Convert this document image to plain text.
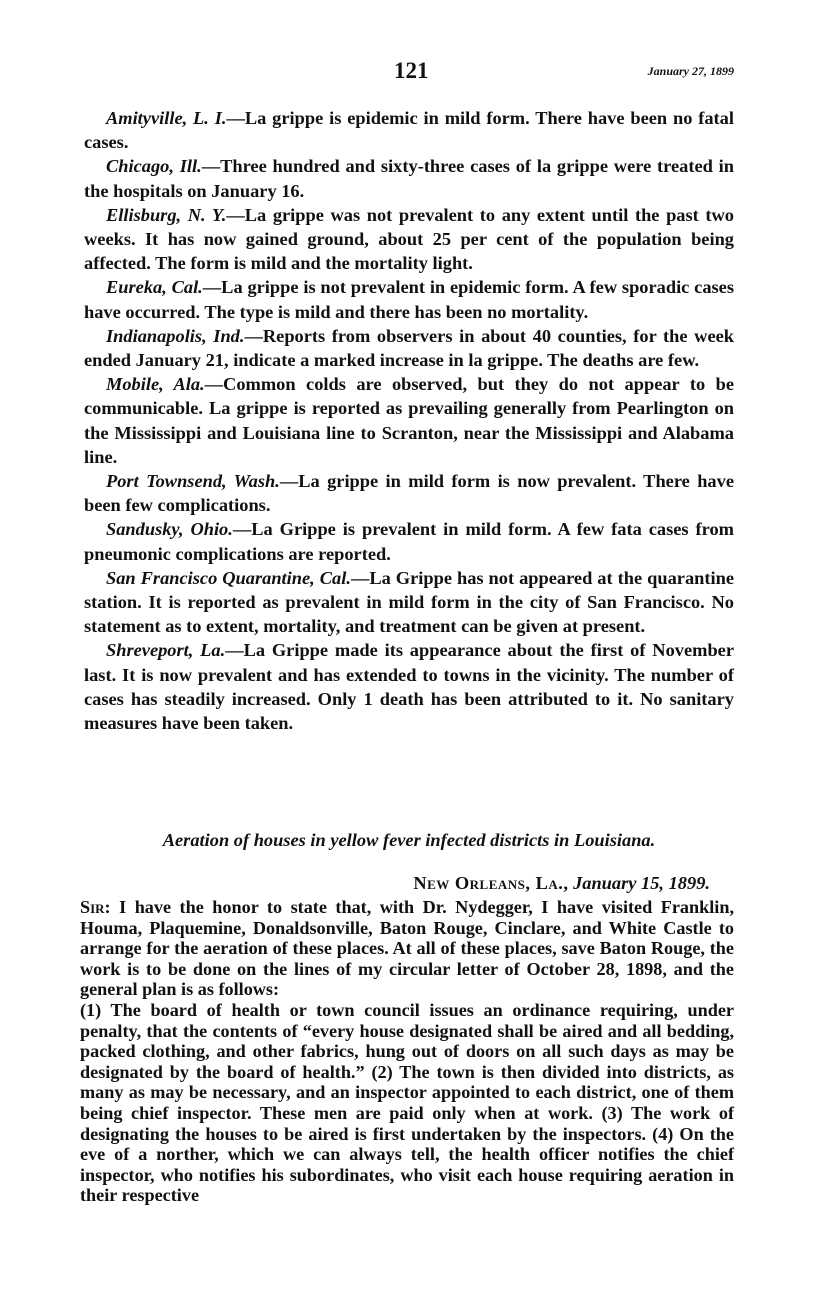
121	January 27, 1899

Amityville, L. I.—La grippe is epidemic in mild form. There have been no fatal cases.

Chicago, Ill.—Three hundred and sixty-three cases of la grippe were treated in the hospitals on January 16.

Ellisburg, N. Y.—La grippe was not prevalent to any extent until the past two weeks. It has now gained ground, about 25 per cent of the population being affected. The form is mild and the mortality light.

Eureka, Cal.—La grippe is not prevalent in epidemic form. A few sporadic cases have occurred. The type is mild and there has been no mortality.

Indianapolis, Ind.—Reports from observers in about 40 counties, for the week ended January 21, indicate a marked increase in la grippe. The deaths are few.

Mobile, Ala.—Common colds are observed, but they do not appear to be communicable. La grippe is reported as prevailing generally from Pearlington on the Mississippi and Louisiana line to Scranton, near the Mississippi and Alabama line.

Port Townsend, Wash.—La grippe in mild form is now prevalent. There have been few complications.

Sandusky, Ohio.—La Grippe is prevalent in mild form. A few fata cases from pneumonic complications are reported.

San Francisco Quarantine, Cal.—La Grippe has not appeared at the quarantine station. It is reported as prevalent in mild form in the city of San Francisco. No statement as to extent, mortality, and treatment can be given at present.

Shreveport, La.—La Grippe made its appearance about the first of November last. It is now prevalent and has extended to towns in the vicinity. The number of cases has steadily increased. Only 1 death has been attributed to it. No sanitary measures have been taken.

Aeration of houses in yellow fever infected districts in Louisiana.
New Orleans, La., January 15, 1899.

Sir: I have the honor to state that, with Dr. Nydegger, I have visited Franklin, Houma, Plaquemine, Donaldsonville, Baton Rouge, Cinclare, and White Castle to arrange for the aeration of these places. At all of these places, save Baton Rouge, the work is to be done on the lines of my circular letter of October 28, 1898, and the general plan is as follows:

(1) The board of health or town council issues an ordinance requiring, under penalty, that the contents of “every house designated shall be aired and all bedding, packed clothing, and other fabrics, hung out of doors on all such days as may be designated by the board of health.” (2) The town is then divided into districts, as many as may be necessary, and an inspector appointed to each district, one of them being chief inspector. These men are paid only when at work. (3) The work of designating the houses to be aired is first undertaken by the inspectors. (4) On the eve of a norther, which we can always tell, the health officer notifies the chief inspector, who notifies his subordinates, who visit each house requiring aeration in their respective
